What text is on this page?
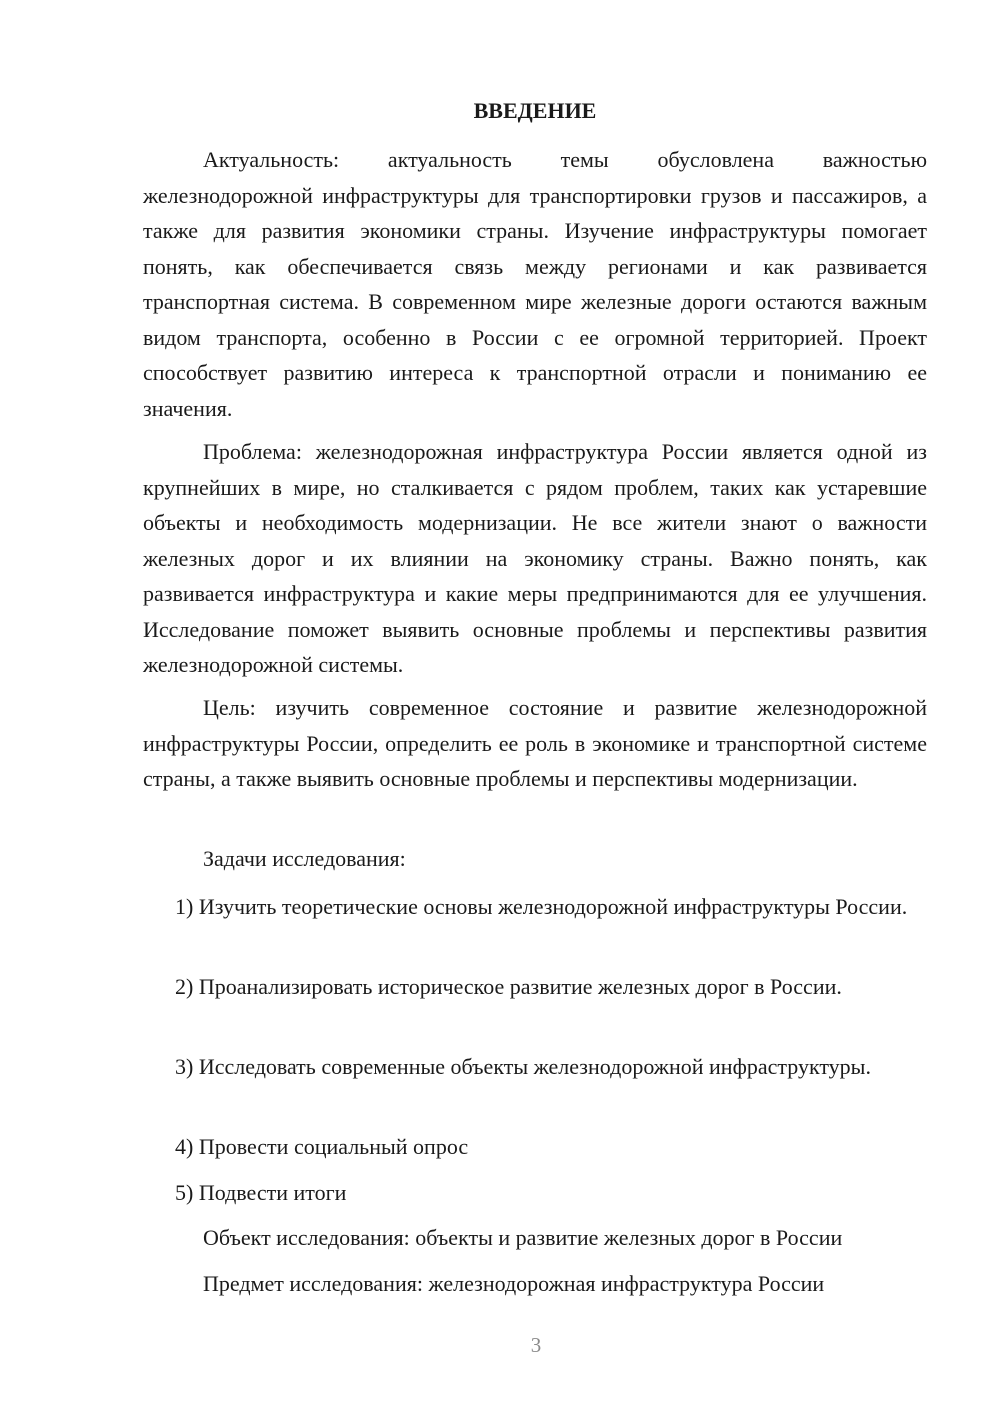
ВВЕДЕНИЕ

Актуальность: актуальность темы обусловлена важностью железнодорожной инфраструктуры для транспортировки грузов и пассажиров, а также для развития экономики страны. Изучение инфраструктуры помогает понять, как обеспечивается связь между регионами и как развивается транспортная система. В современном мире железные дороги остаются важным видом транспорта, особенно в России с ее огромной территорией. Проект способствует развитию интереса к транспортной отрасли и пониманию ее значения.

Проблема: железнодорожная инфраструктура России является одной из крупнейших в мире, но сталкивается с рядом проблем, таких как устаревшие объекты и необходимость модернизации. Не все жители знают о важности железных дорог и их влиянии на экономику страны. Важно понять, как развивается инфраструктура и какие меры предпринимаются для ее улучшения. Исследование поможет выявить основные проблемы и перспективы развития железнодорожной системы.

Цель: изучить современное состояние и развитие железнодорожной инфраструктуры России, определить ее роль в экономике и транспортной системе страны, а также выявить основные проблемы и перспективы модернизации.

Задачи исследования:

1) Изучить теоретические основы железнодорожной инфраструктуры России.

2) Проанализировать историческое развитие железных дорог в России.

3) Исследовать современные объекты железнодорожной инфраструктуры.

4) Провести социальный опрос

5) Подвести итоги

Объект исследования: объекты и развитие железных дорог в России

Предмет исследования: железнодорожная инфраструктура России

3
